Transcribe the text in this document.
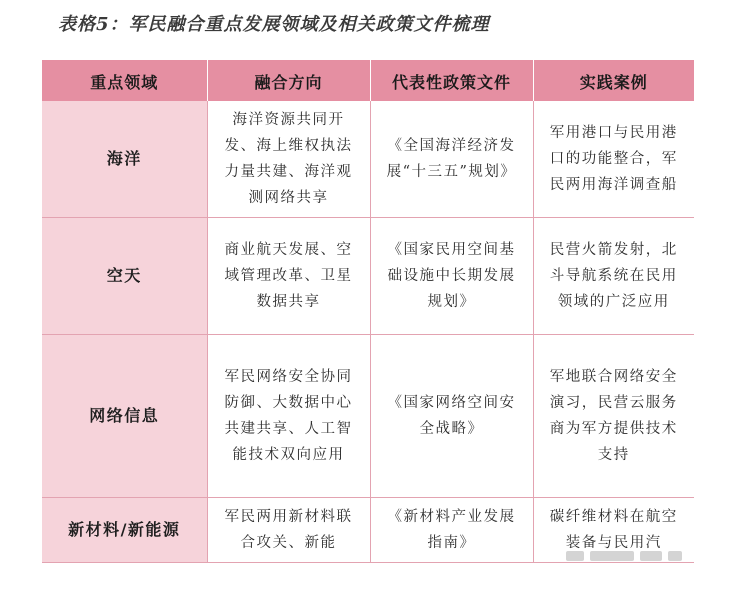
表格5：军民融合重点发展领域及相关政策文件梳理
重点领域	融合方向	代表性政策文件	实践案例
海洋	海洋资源共同开发、海上维权执法力量共建、海洋观测网络共享	《全国海洋经济发展“十三五”规划》	军用港口与民用港口的功能整合，军民两用海洋调查船
空天	商业航天发展、空域管理改革、卫星数据共享	《国家民用空间基础设施中长期发展规划》	民营火箭发射，北斗导航系统在民用领域的广泛应用
网络信息	军民网络安全协同防御、大数据中心共建共享、人工智能技术双向应用	《国家网络空间安全战略》	军地联合网络安全演习，民营云服务商为军方提供技术支持
新材料/新能源	军民两用新材料联合攻关、新能	《新材料产业发展指南》	碳纤维材料在航空装备与民用汽
